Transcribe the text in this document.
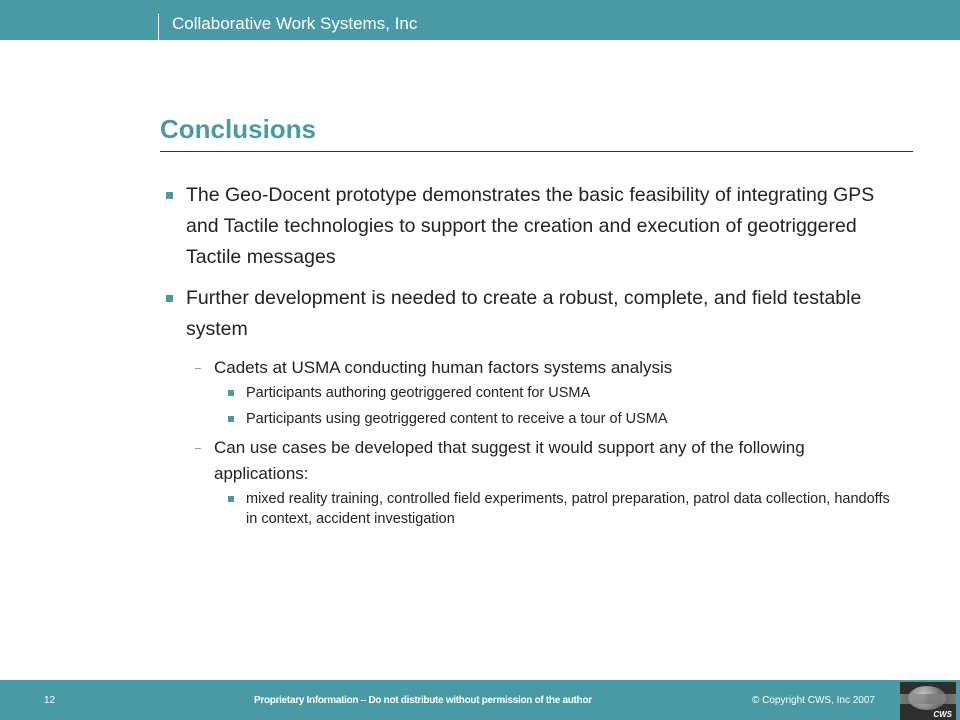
Collaborative Work Systems, Inc
Conclusions
The Geo-Docent prototype demonstrates the basic feasibility of integrating GPS and Tactile technologies to support the creation and execution of geotriggered Tactile messages
Further development is needed to create a robust, complete, and field testable system
Cadets at USMA conducting human factors systems analysis
Participants authoring geotriggered content for USMA
Participants using geotriggered content to receive a tour of USMA
Can use cases be developed that suggest it would support any of the following applications:
mixed reality training, controlled field experiments, patrol preparation, patrol data collection, handoffs in context, accident investigation
12	Proprietary Information – Do not distribute without permission of the author	© Copyright CWS, Inc 2007
CWS
